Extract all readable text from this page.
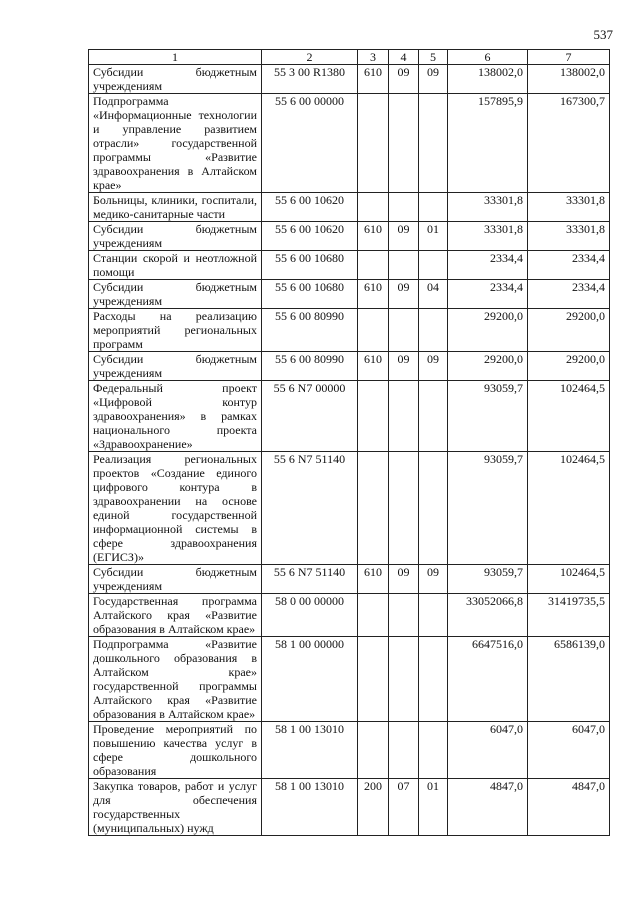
537
1	2	3	4	5	6	7
Субсидии бюджетным учреждениям	55 3 00 R1380	610	09	09	138002,0	138002,0
Подпрограмма «Информационные технологии и управление развитием отрасли» государственной программы «Развитие здравоохранения в Алтайском крае»	55 6 00 00000				157895,9	167300,7
Больницы, клиники, госпитали, медико-санитарные части	55 6 00 10620				33301,8	33301,8
Субсидии бюджетным учреждениям	55 6 00 10620	610	09	01	33301,8	33301,8
Станции скорой и неотложной помощи	55 6 00 10680				2334,4	2334,4
Субсидии бюджетным учреждениям	55 6 00 10680	610	09	04	2334,4	2334,4
Расходы на реализацию мероприятий региональных программ	55 6 00 80990				29200,0	29200,0
Субсидии бюджетным учреждениям	55 6 00 80990	610	09	09	29200,0	29200,0
Федеральный проект «Цифровой контур здравоохранения» в рамках национального проекта «Здравоохранение»	55 6 N7 00000				93059,7	102464,5
Реализация региональных проектов «Создание единого цифрового контура в здравоохранении на основе единой государственной информационной системы в сфере здравоохранения (ЕГИСЗ)»	55 6 N7 51140				93059,7	102464,5
Субсидии бюджетным учреждениям	55 6 N7 51140	610	09	09	93059,7	102464,5
Государственная программа Алтайского края «Развитие образования в Алтайском крае»	58 0 00 00000				33052066,8	31419735,5
Подпрограмма «Развитие дошкольного образования в Алтайском крае» государственной программы Алтайского края «Развитие образования в Алтайском крае»	58 1 00 00000				6647516,0	6586139,0
Проведение мероприятий по повышению качества услуг в сфере дошкольного образования	58 1 00 13010				6047,0	6047,0
Закупка товаров, работ и услуг для обеспечения государственных (муниципальных) нужд	58 1 00 13010	200	07	01	4847,0	4847,0
